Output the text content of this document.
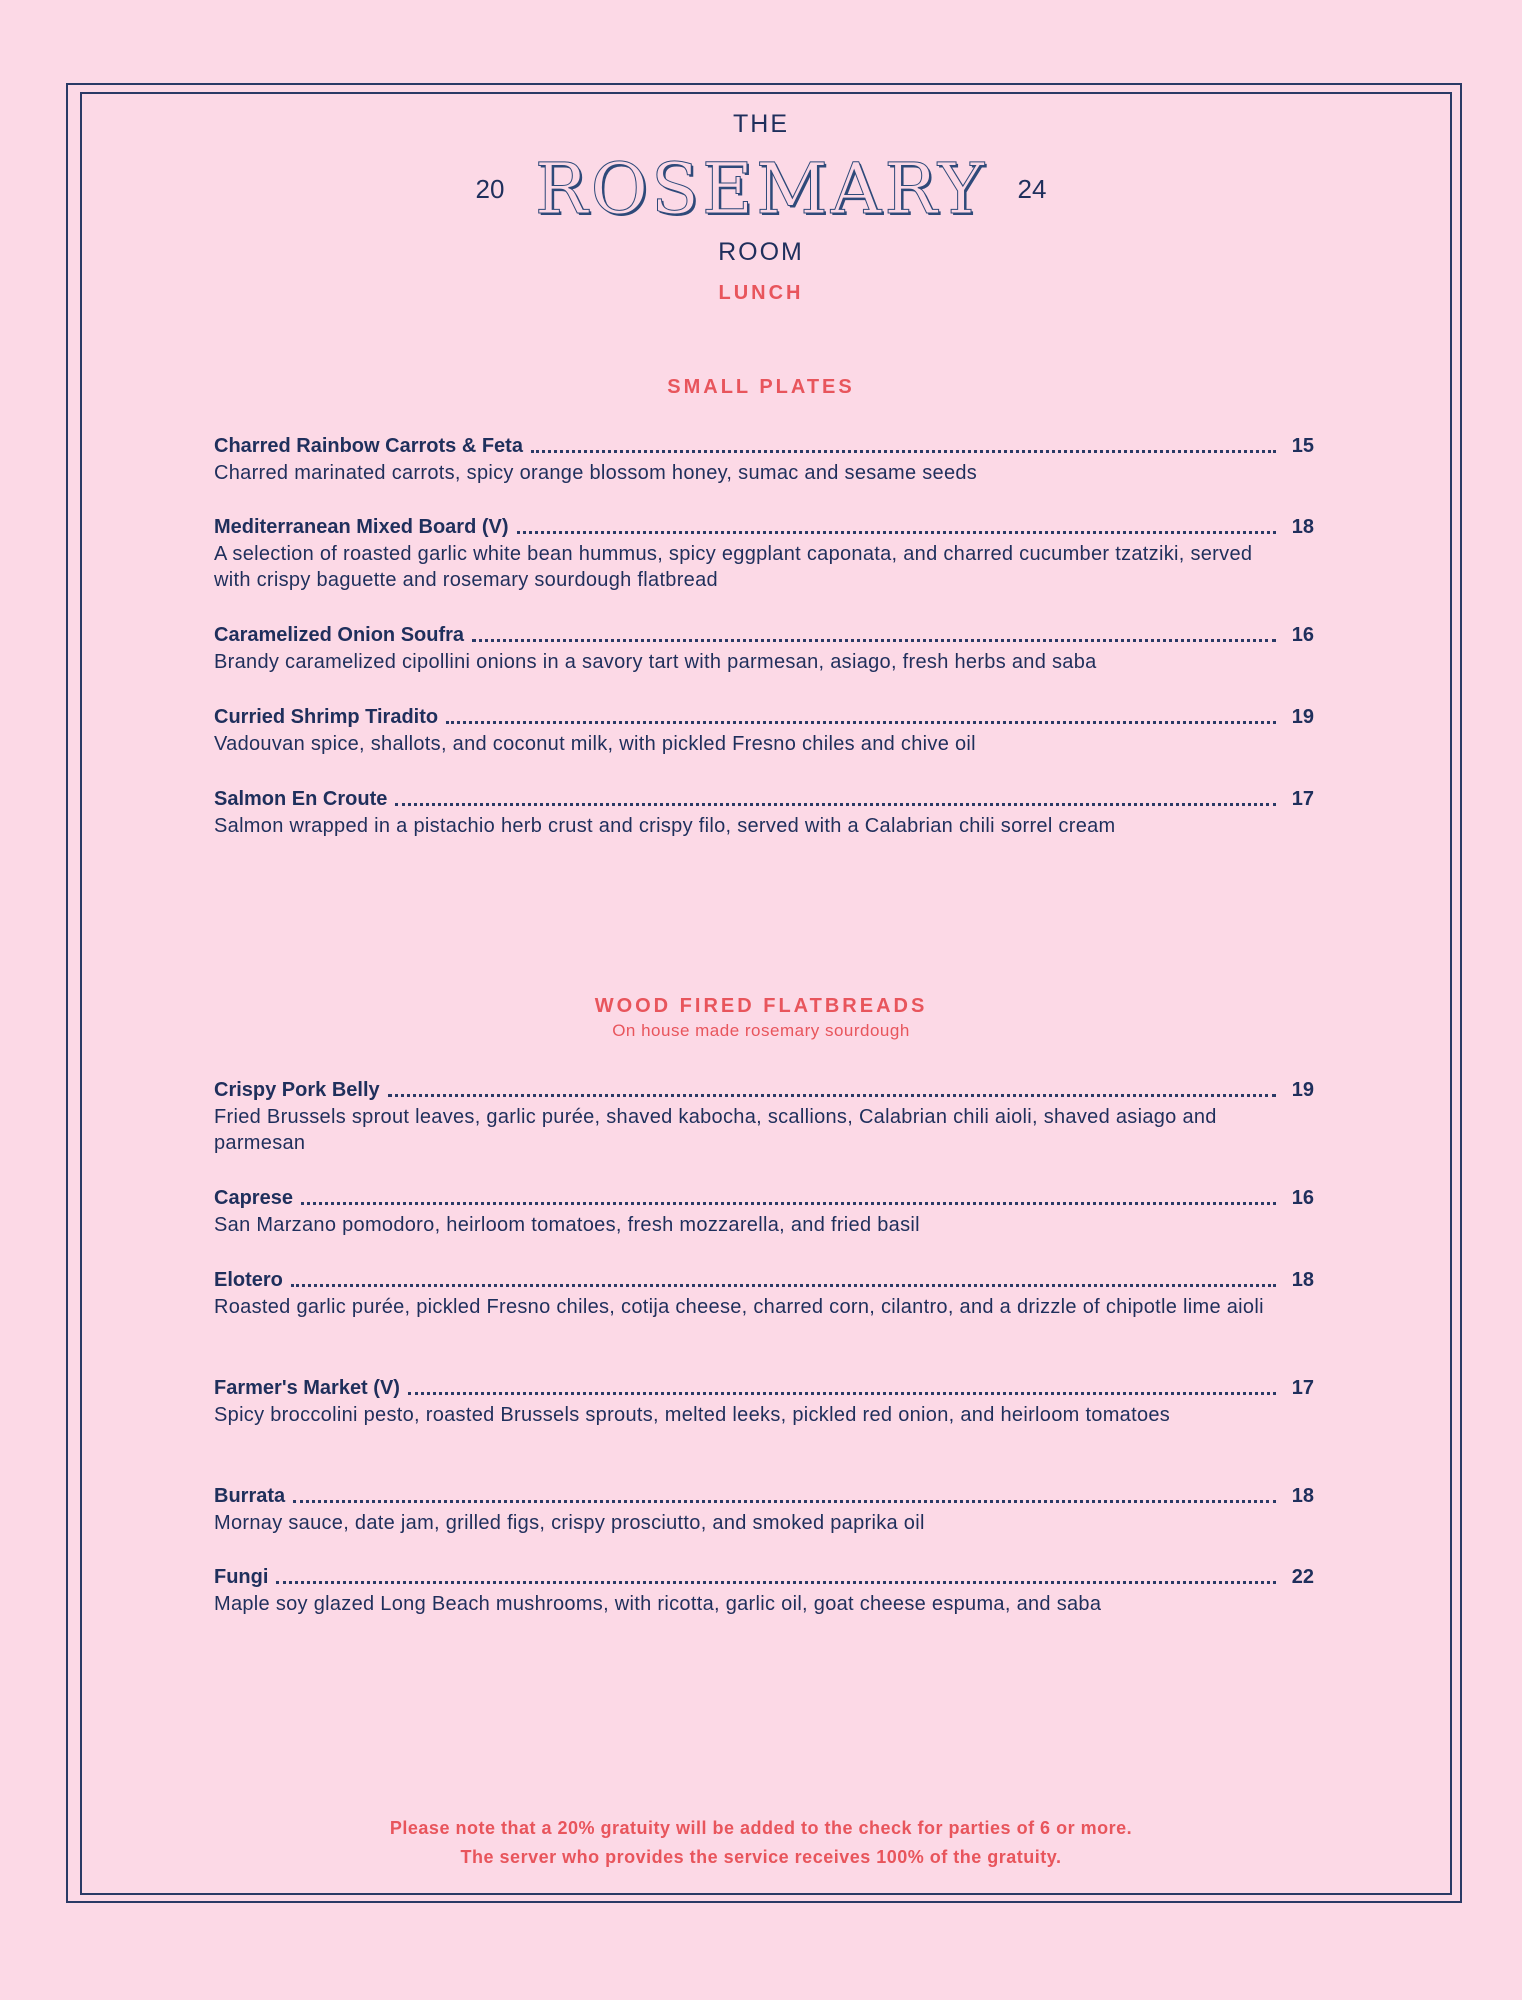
THE
20 ROSEMARY 24
ROOM
LUNCH
SMALL PLATES
Charred Rainbow Carrots & Feta	15
Charred marinated carrots, spicy orange blossom honey, sumac and sesame seeds
Mediterranean Mixed Board (V)	18
A selection of roasted garlic white bean hummus, spicy eggplant caponata, and charred cucumber tzatziki, served with crispy baguette and rosemary sourdough flatbread
Caramelized Onion Soufra	16
Brandy caramelized cipollini onions in a savory tart with parmesan, asiago, fresh herbs and saba
Curried Shrimp Tiradito	19
Vadouvan spice, shallots, and coconut milk, with pickled Fresno chiles and chive oil
Salmon En Croute	17
Salmon wrapped in a pistachio herb crust and crispy filo, served with a Calabrian chili sorrel cream
WOOD FIRED FLATBREADS
On house made rosemary sourdough
Crispy Pork Belly	19
Fried Brussels sprout leaves, garlic purée, shaved kabocha, scallions, Calabrian chili aioli, shaved asiago and parmesan
Caprese	16
San Marzano pomodoro, heirloom tomatoes, fresh mozzarella, and fried basil
Elotero	18
Roasted garlic purée, pickled Fresno chiles, cotija cheese, charred corn, cilantro, and a drizzle of chipotle lime aioli
Farmer's Market (V)	17
Spicy broccolini pesto, roasted Brussels sprouts, melted leeks, pickled red onion, and heirloom tomatoes
Burrata	18
Mornay sauce, date jam, grilled figs, crispy prosciutto, and smoked paprika oil
Fungi	22
Maple soy glazed Long Beach mushrooms, with ricotta, garlic oil, goat cheese espuma, and saba
Please note that a 20% gratuity will be added to the check for parties of 6 or more.
The server who provides the service receives 100% of the gratuity.
